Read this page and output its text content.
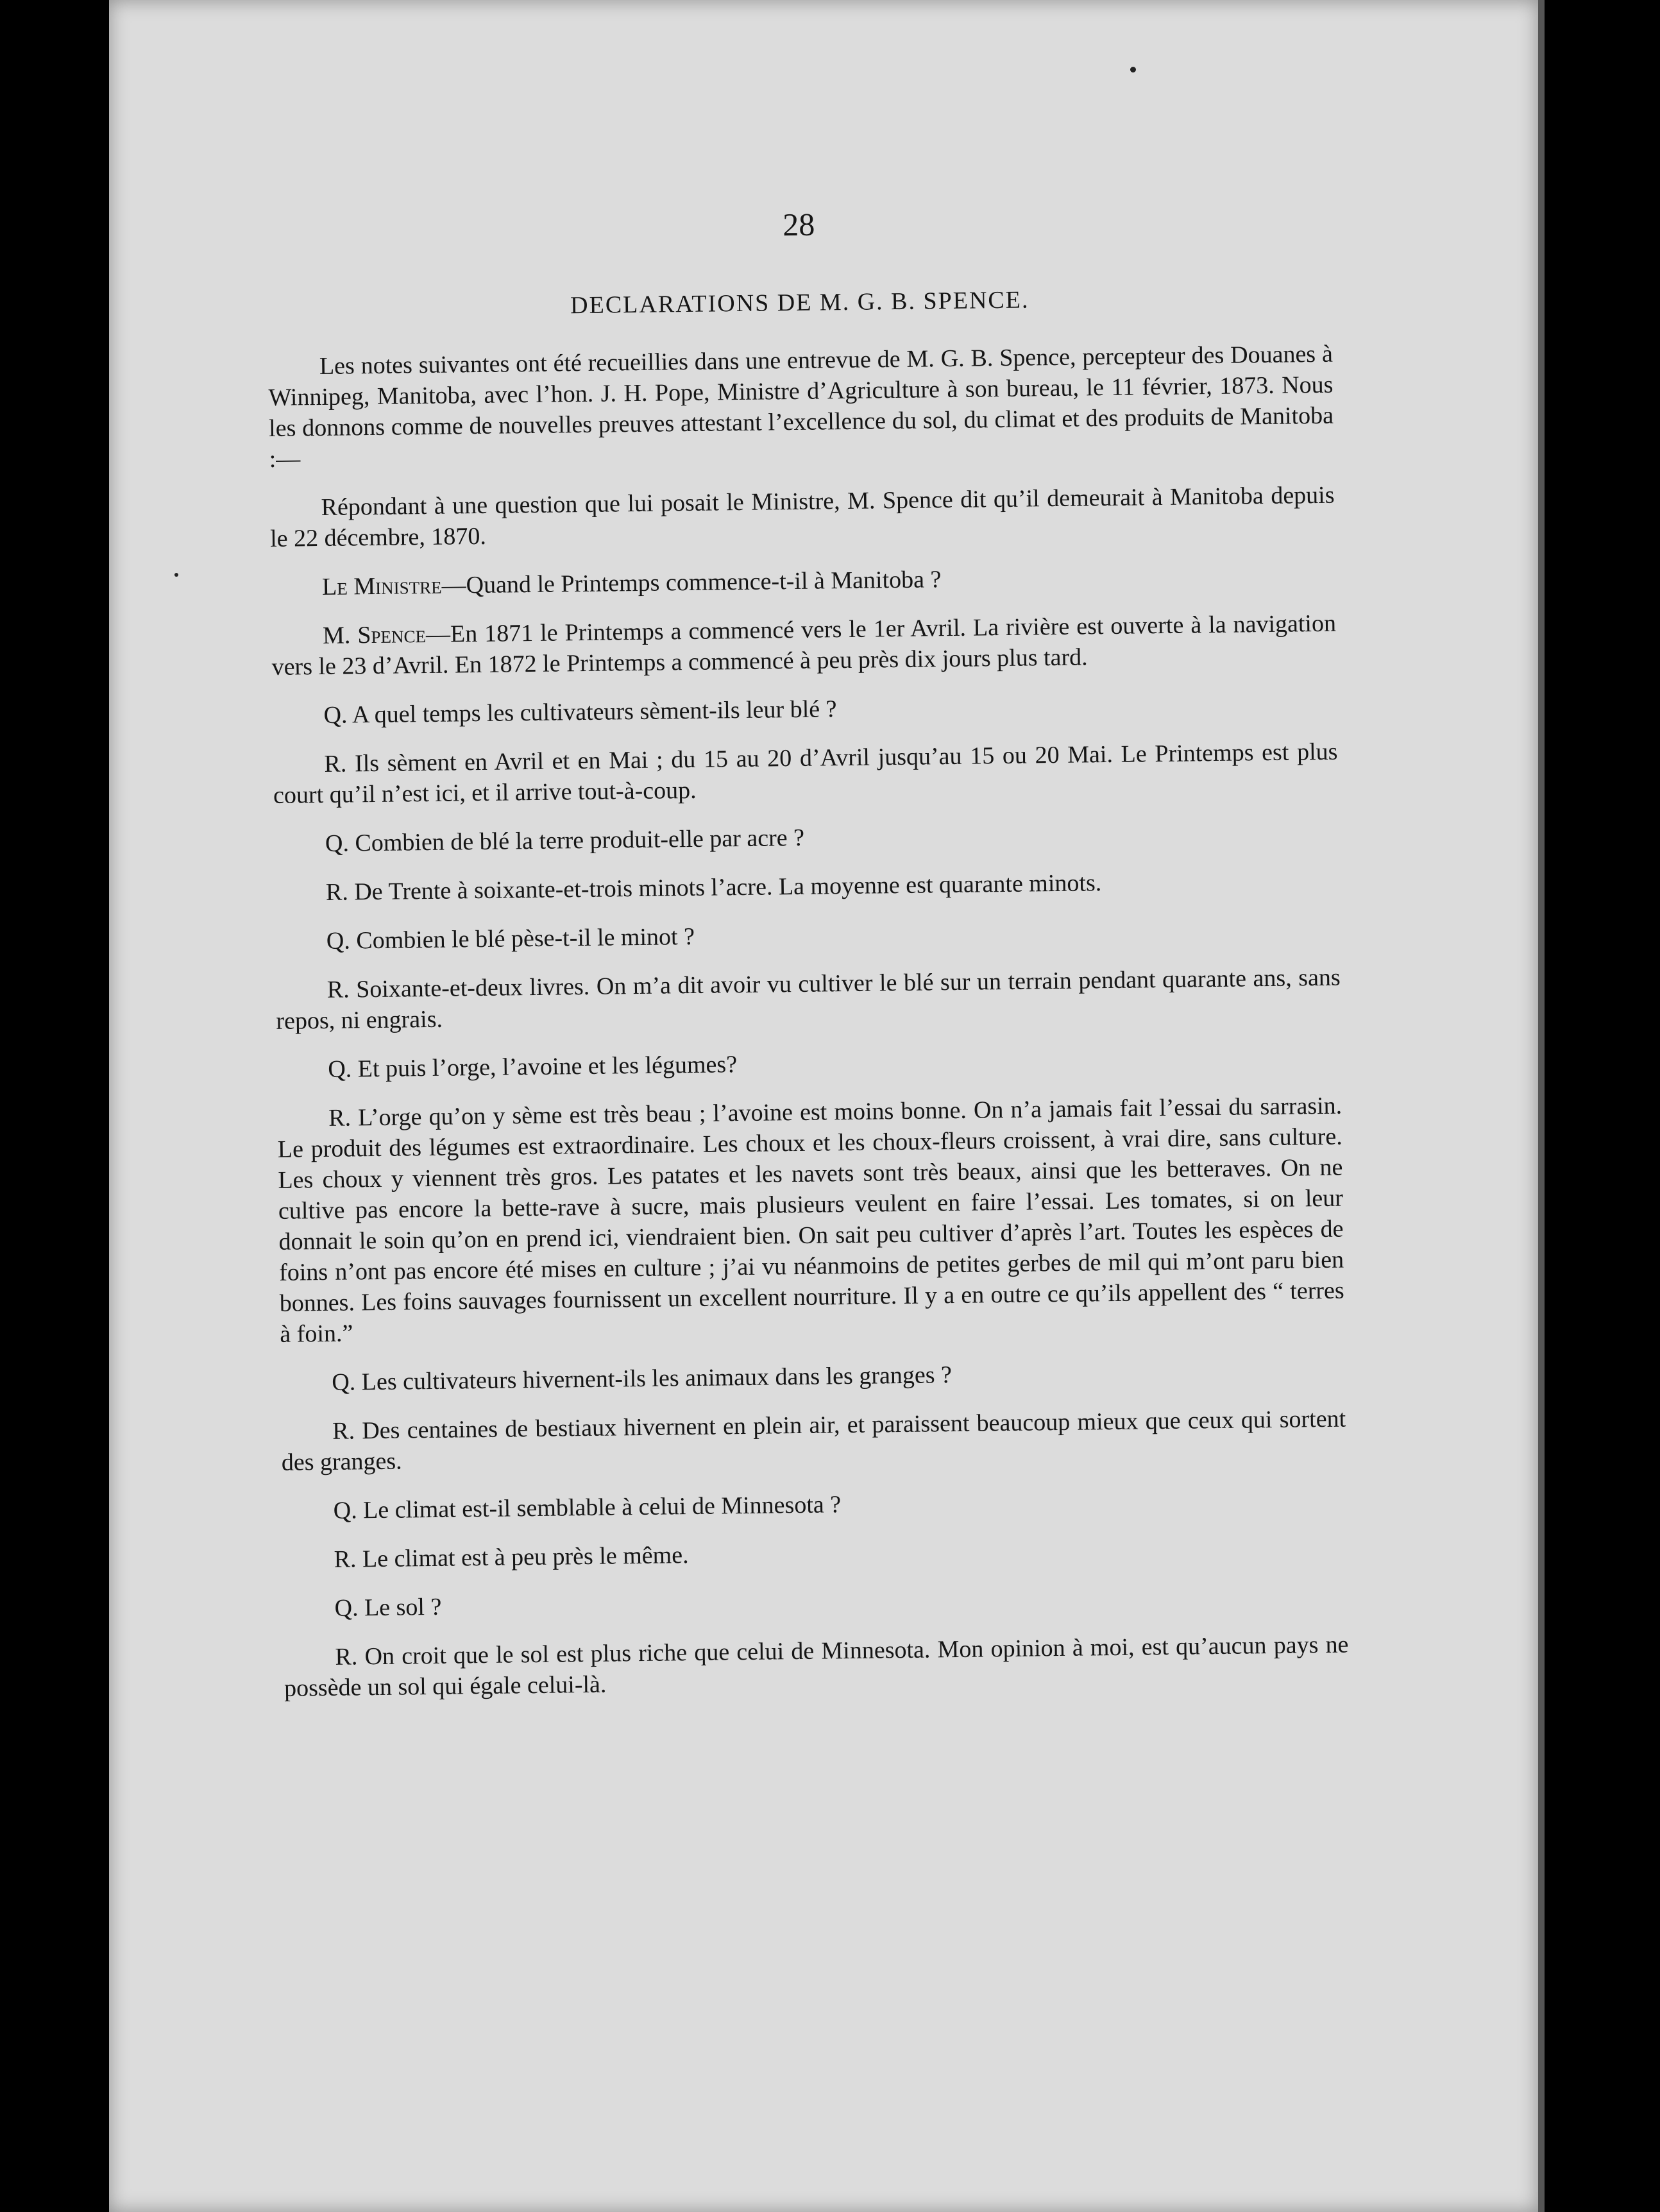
28
DECLARATIONS DE M. G. B. SPENCE.

Les notes suivantes ont été recueillies dans une entrevue de M. G. B. Spence, percepteur des Douanes à Winnipeg, Manitoba, avec l’hon. J. H. Pope, Ministre d’Agriculture à son bureau, le 11 février, 1873. Nous les donnons comme de nouvelles preuves attestant l’excellence du sol, du climat et des produits de Manitoba :—

Répondant à une question que lui posait le Ministre, M. Spence dit qu’il demeurait à Manitoba depuis le 22 décembre, 1870.

Le Ministre—Quand le Printemps commence-t-il à Manitoba ?

M. Spence—En 1871 le Printemps a commencé vers le 1er Avril. La rivière est ouverte à la navigation vers le 23 d’Avril. En 1872 le Printemps a commencé à peu près dix jours plus tard.

Q. A quel temps les cultivateurs sèment-ils leur blé ?

R. Ils sèment en Avril et en Mai ; du 15 au 20 d’Avril jusqu’au 15 ou 20 Mai. Le Printemps est plus court qu’il n’est ici, et il arrive tout-à-coup.

Q. Combien de blé la terre produit-elle par acre ?

R. De Trente à soixante-et-trois minots l’acre. La moyenne est quarante minots.

Q. Combien le blé pèse-t-il le minot ?

R. Soixante-et-deux livres. On m’a dit avoir vu cultiver le blé sur un terrain pendant quarante ans, sans repos, ni engrais.

Q. Et puis l’orge, l’avoine et les légumes?

R. L’orge qu’on y sème est très beau ; l’avoine est moins bonne. On n’a jamais fait l’essai du sarrasin. Le produit des légumes est extraordinaire. Les choux et les choux-fleurs croissent, à vrai dire, sans culture. Les choux y viennent très gros. Les patates et les navets sont très beaux, ainsi que les betteraves. On ne cultive pas encore la bette-rave à sucre, mais plusieurs veulent en faire l’essai. Les tomates, si on leur donnait le soin qu’on en prend ici, viendraient bien. On sait peu cultiver d’après l’art. Toutes les espèces de foins n’ont pas encore été mises en culture ; j’ai vu néanmoins de petites gerbes de mil qui m’ont paru bien bonnes. Les foins sauvages fournissent un excellent nourriture. Il y a en outre ce qu’ils appellent des “ terres à foin.”

Q. Les cultivateurs hivernent-ils les animaux dans les granges ?

R. Des centaines de bestiaux hivernent en plein air, et paraissent beaucoup mieux que ceux qui sortent des granges.

Q. Le climat est-il semblable à celui de Minnesota ?

R. Le climat est à peu près le même.

Q. Le sol ?

R. On croit que le sol est plus riche que celui de Minnesota. Mon opinion à moi, est qu’aucun pays ne possède un sol qui égale celui-là.
